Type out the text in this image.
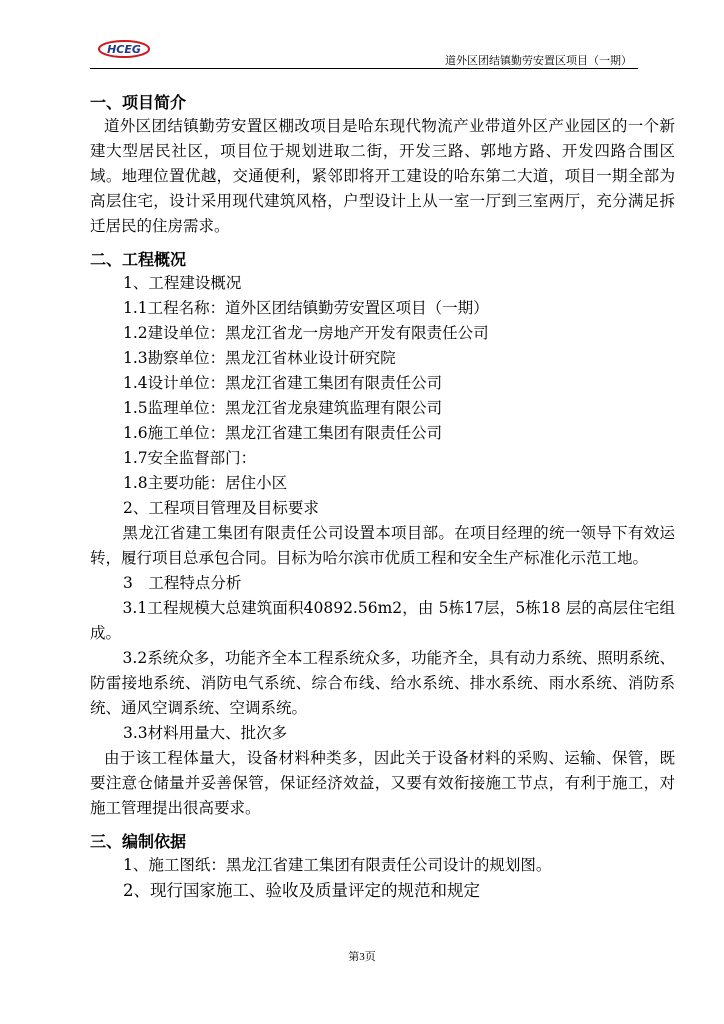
HCEG
道外区团结镇勤劳安置区项目（一期）
一、项目简介

道外区团结镇勤劳安置区棚改项目是哈东现代物流产业带道外区产业园区的一个新建大型居民社区，项目位于规划进取二街，开发三路、郭地方路、开发四路合围区域。地理位置优越，交通便利，紧邻即将开工建设的哈东第二大道，项目一期全部为高层住宅，设计采用现代建筑风格，户型设计上从一室一厅到三室两厅，充分满足拆迁居民的住房需求。

二、工程概况

1、工程建设概况

1.1工程名称：道外区团结镇勤劳安置区项目（一期）

1.2建设单位：黑龙江省龙一房地产开发有限责任公司

1.3勘察单位：黑龙江省林业设计研究院

1.4设计单位：黑龙江省建工集团有限责任公司

1.5监理单位：黑龙江省龙泉建筑监理有限公司

1.6施工单位：黑龙江省建工集团有限责任公司

1.7安全监督部门：

1.8主要功能：居住小区

2、工程项目管理及目标要求

黑龙江省建工集团有限责任公司设置本项目部。在项目经理的统一领导下有效运转，履行项目总承包合同。目标为哈尔滨市优质工程和安全生产标准化示范工地。

3　工程特点分析

3.1工程规模大总建筑面积40892.56m2，由 5栋17层，5栋18 层的高层住宅组成。

3.2系统众多，功能齐全本工程系统众多，功能齐全，具有动力系统、照明系统、防雷接地系统、消防电气系统、综合布线、给水系统、排水系统、雨水系统、消防系统、通风空调系统、空调系统。

3.3材料用量大、批次多

由于该工程体量大，设备材料种类多，因此关于设备材料的采购、运输、保管，既要注意仓储量并妥善保管，保证经济效益，又要有效衔接施工节点，有利于施工，对施工管理提出很高要求。

三、编制依据

1、施工图纸：黑龙江省建工集团有限责任公司设计的规划图。

2、现行国家施工、验收及质量评定的规范和规定

第3页
